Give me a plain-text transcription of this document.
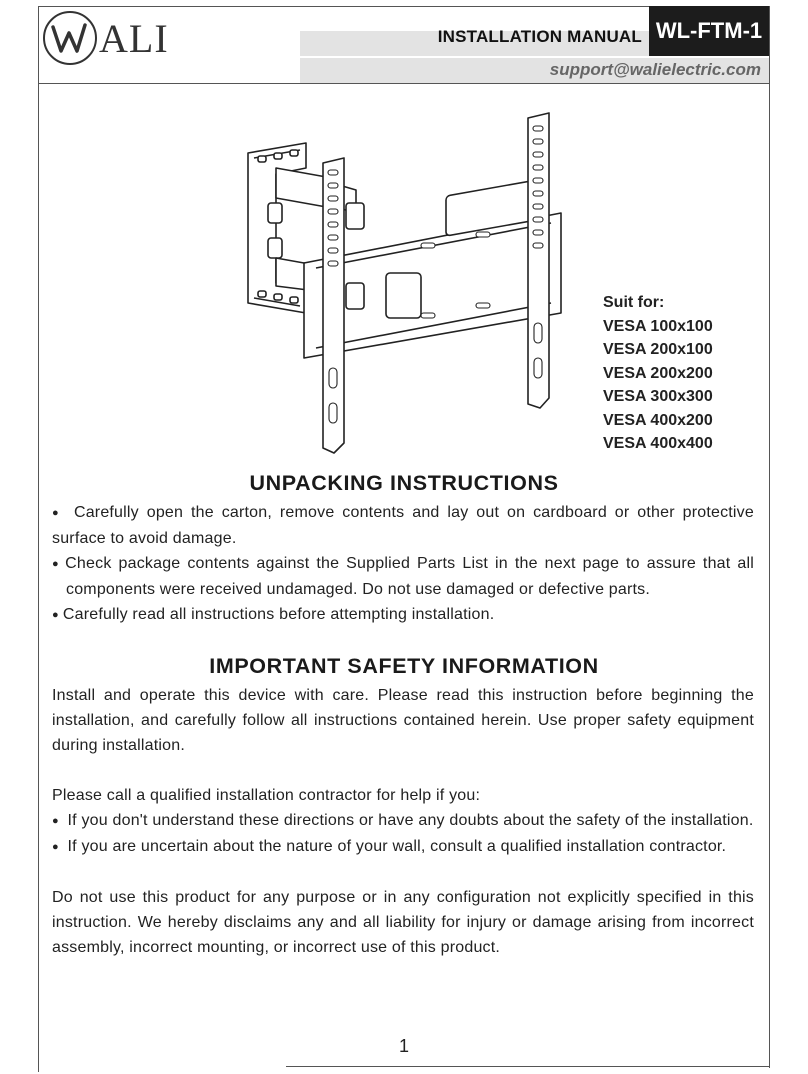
ALI	INSTALLATION MANUAL WL-FTM-1
support@walielectric.com
Suit for:
VESA 100x100
VESA 200x100
VESA 200x200
VESA 300x300
VESA 400x200
VESA 400x400
UNPACKING INSTRUCTIONS

● Carefully open the carton, remove contents and lay out on cardboard or other protective surface to avoid damage.

● Check package contents against the Supplied Parts List in the next page to assure that all components were received undamaged. Do not use damaged or defective parts.

● Carefully read all instructions before attempting installation.

IMPORTANT SAFETY INFORMATION

Install and operate this device with care. Please read this instruction before beginning the installation, and carefully follow all instructions contained herein. Use proper safety equipment during installation.

Please call a qualified installation contractor for help if you:

● If you don't understand these directions or have any doubts about the safety of the installation.

● If you are uncertain about the nature of your wall, consult a qualified installation contractor.

Do not use this product for any purpose or in any configuration not explicitly specified in this instruction. We hereby disclaims any and all liability for injury or damage arising from incorrect assembly, incorrect mounting, or incorrect use of this product.

1
